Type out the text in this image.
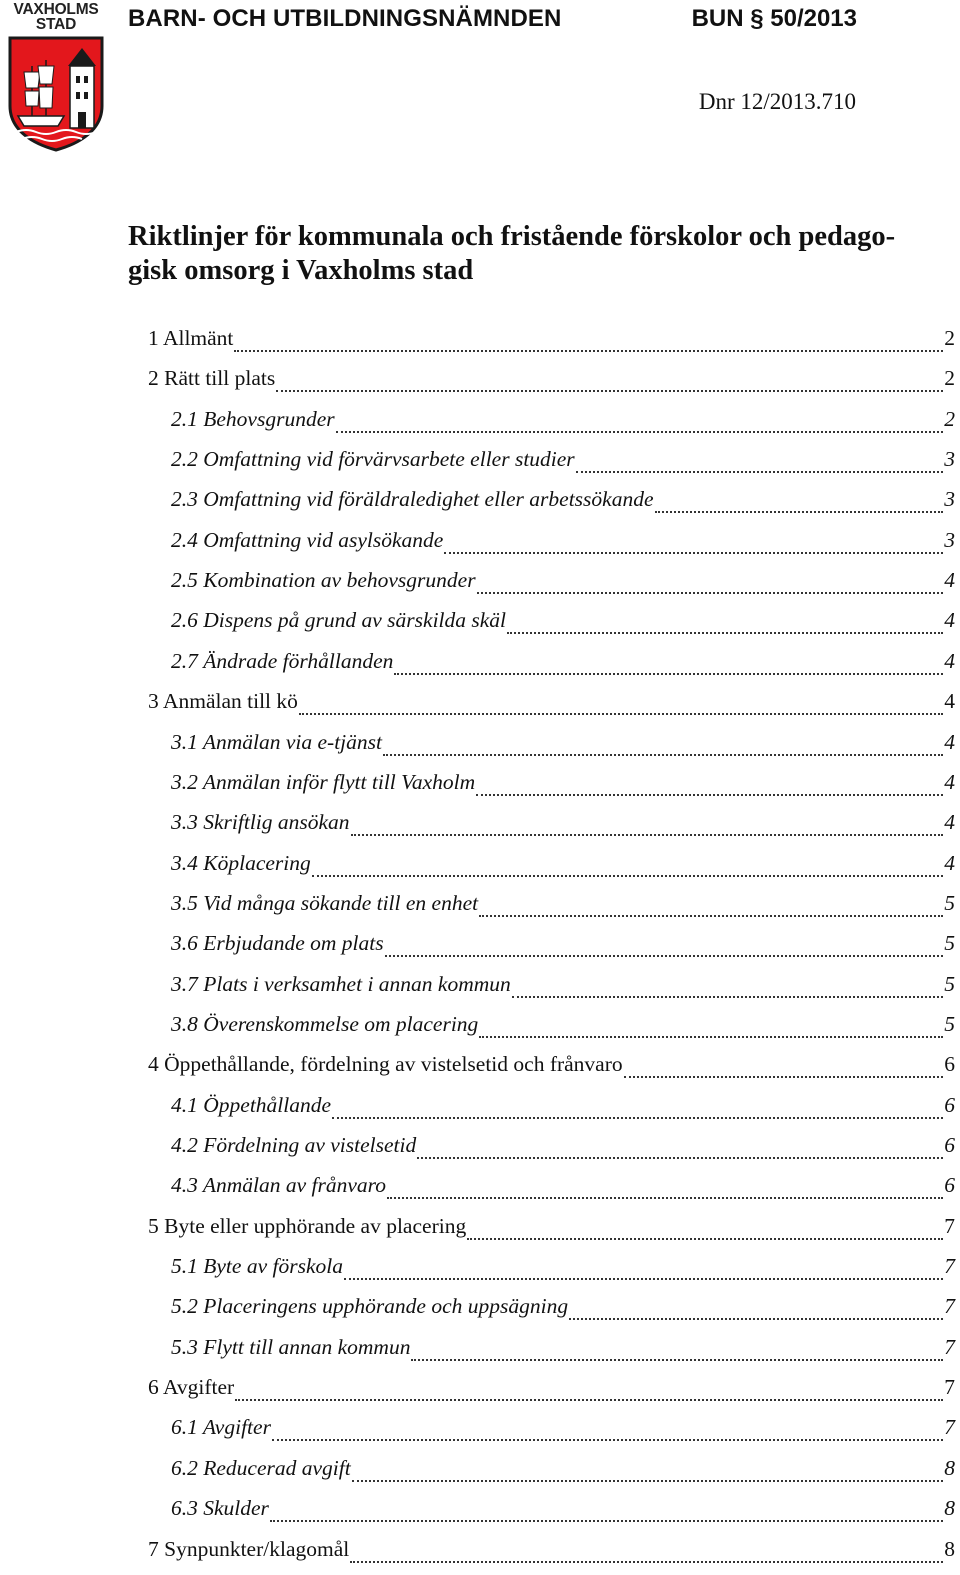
VAXHOLMS
STAD	BARN- OCH UTBILDNINGSNÄMNDEN	BUN § 50/2013
Dnr 12/2013.710
Riktlinjer för kommunala och fristående förskolor och pedago-
gisk omsorg i Vaxholms stad
1 Allmänt	2
2 Rätt till plats	2
2.1 Behovsgrunder	2
2.2 Omfattning vid förvärvsarbete eller studier	3
2.3 Omfattning vid föräldraledighet eller arbetssökande	3
2.4 Omfattning vid asylsökande	3
2.5 Kombination av behovsgrunder	4
2.6 Dispens på grund av särskilda skäl	4
2.7 Ändrade förhållanden	4
3 Anmälan till kö	4
3.1 Anmälan via e-tjänst	4
3.2 Anmälan inför flytt till Vaxholm	4
3.3 Skriftlig ansökan	4
3.4 Köplacering	4
3.5 Vid många sökande till en enhet	5
3.6 Erbjudande om plats	5
3.7 Plats i verksamhet i annan kommun	5
3.8 Överenskommelse om placering	5
4 Öppethållande, fördelning av vistelsetid och frånvaro	6
4.1 Öppethållande	6
4.2 Fördelning av vistelsetid	6
4.3 Anmälan av frånvaro	6
5 Byte eller upphörande av placering	7
5.1 Byte av förskola	7
5.2 Placeringens upphörande och uppsägning	7
5.3 Flytt till annan kommun	7
6 Avgifter	7
6.1 Avgifter	7
6.2 Reducerad avgift	8
6.3 Skulder	8
7 Synpunkter/klagomål	8
